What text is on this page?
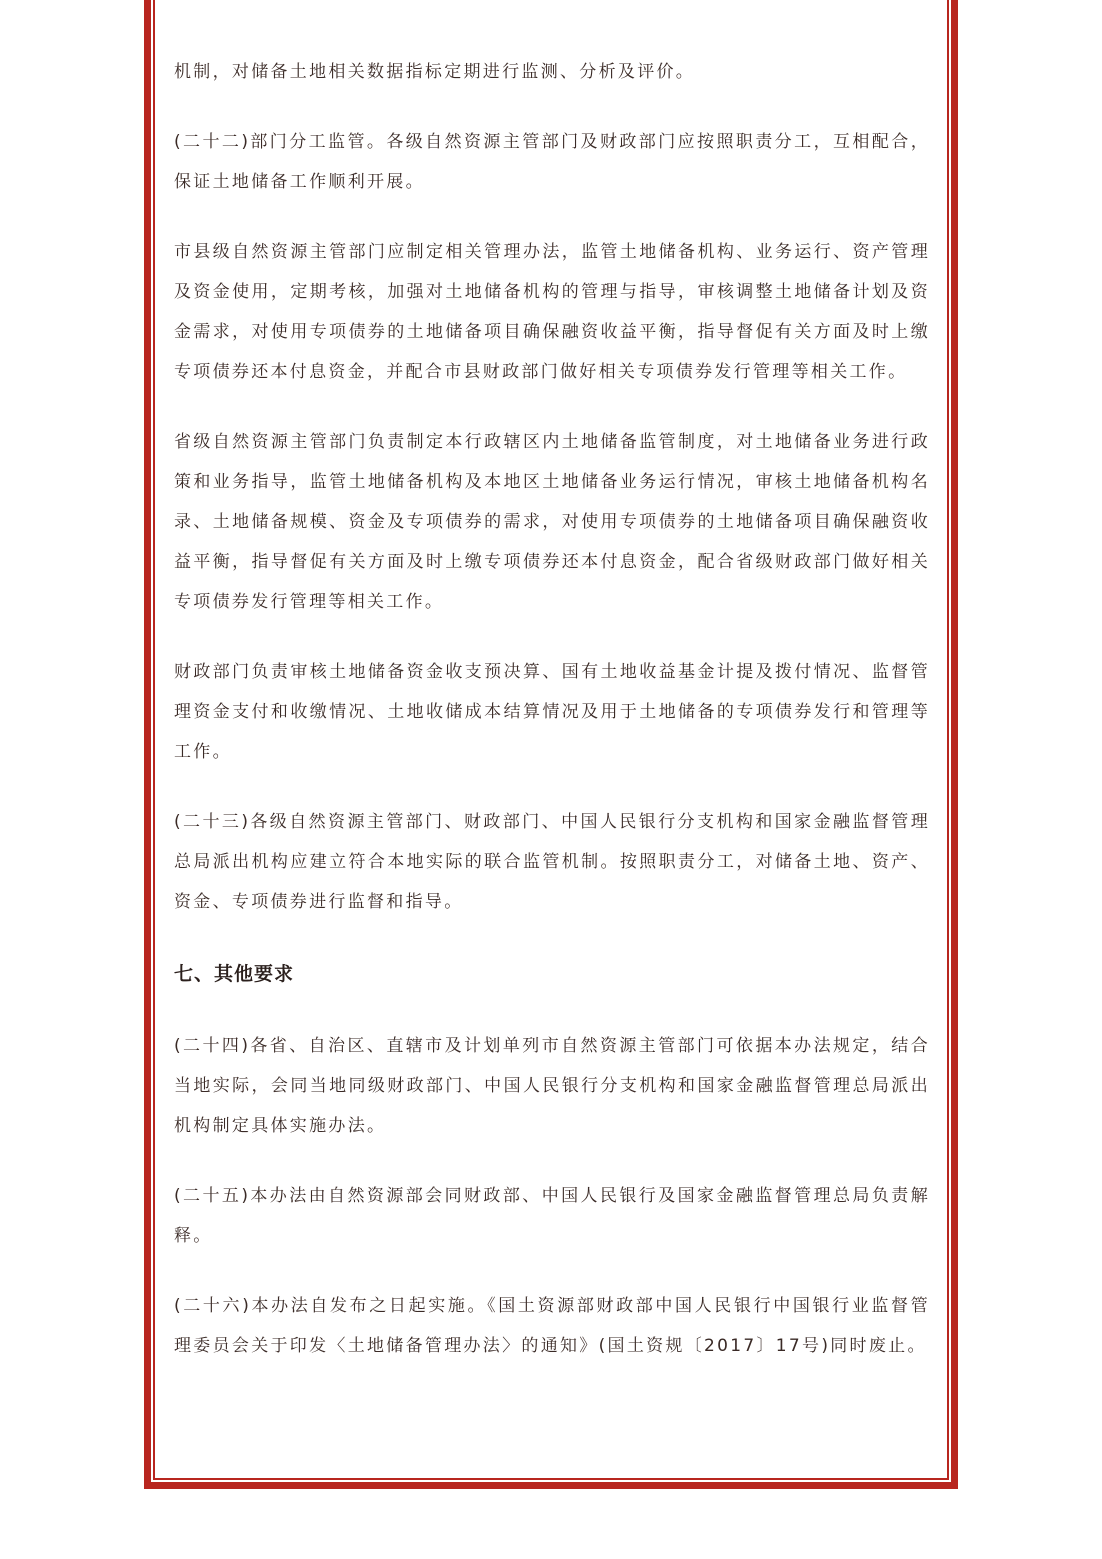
机制，对储备土地相关数据指标定期进行监测、分析及评价。

(二十二)部门分工监管。各级自然资源主管部门及财政部门应按照职责分工，互相配合，保证土地储备工作顺利开展。

市县级自然资源主管部门应制定相关管理办法，监管土地储备机构、业务运行、资产管理及资金使用，定期考核，加强对土地储备机构的管理与指导，审核调整土地储备计划及资金需求，对使用专项债券的土地储备项目确保融资收益平衡，指导督促有关方面及时上缴专项债券还本付息资金，并配合市县财政部门做好相关专项债券发行管理等相关工作。

省级自然资源主管部门负责制定本行政辖区内土地储备监管制度，对土地储备业务进行政策和业务指导，监管土地储备机构及本地区土地储备业务运行情况，审核土地储备机构名录、土地储备规模、资金及专项债券的需求，对使用专项债券的土地储备项目确保融资收益平衡，指导督促有关方面及时上缴专项债券还本付息资金，配合省级财政部门做好相关专项债券发行管理等相关工作。

财政部门负责审核土地储备资金收支预决算、国有土地收益基金计提及拨付情况、监督管理资金支付和收缴情况、土地收储成本结算情况及用于土地储备的专项债券发行和管理等工作。

(二十三)各级自然资源主管部门、财政部门、中国人民银行分支机构和国家金融监督管理总局派出机构应建立符合本地实际的联合监管机制。按照职责分工，对储备土地、资产、资金、专项债券进行监督和指导。

七、其他要求

(二十四)各省、自治区、直辖市及计划单列市自然资源主管部门可依据本办法规定，结合当地实际，会同当地同级财政部门、中国人民银行分支机构和国家金融监督管理总局派出机构制定具体实施办法。

(二十五)本办法由自然资源部会同财政部、中国人民银行及国家金融监督管理总局负责解释。

(二十六)本办法自发布之日起实施。《国土资源部财政部中国人民银行中国银行业监督管理委员会关于印发〈土地储备管理办法〉的通知》(国土资规〔2017〕17号)同时废止。
